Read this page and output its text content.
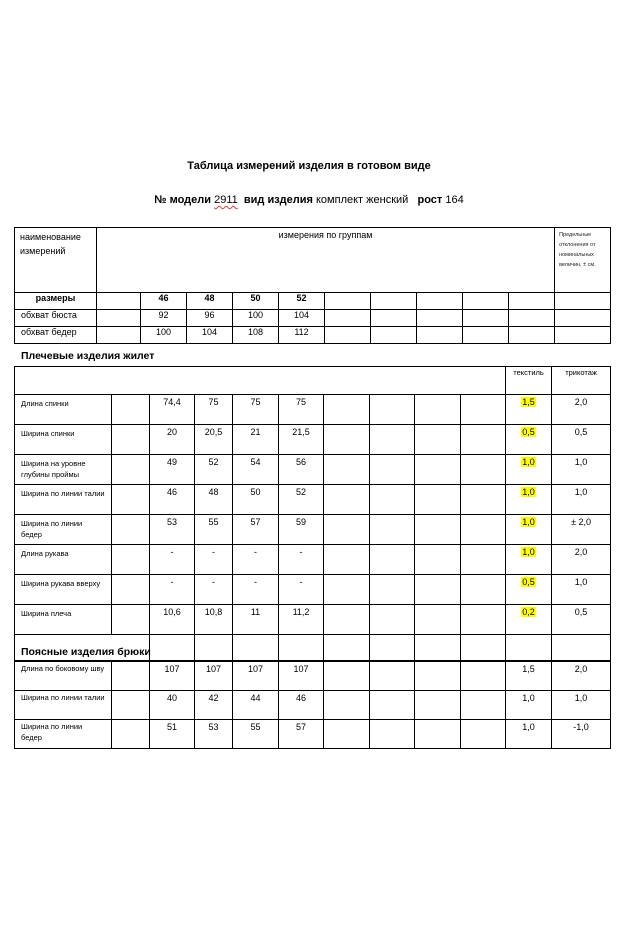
Таблица измерений изделия в готовом виде
№ модели 2911 вид изделия комплект женский рост 164
наименование измерений	измерения по группам										Предельные отклонения от номинальных величин, ± см.
размеры		46	48	50	52						
обхват бюста		92	96	100	104						
обхват бедер		100	104	108	112						
Плечевые изделия жилет
										текстиль	трикотаж
Длина спинки		74,4	75	75	75					1,5	2,0
Ширина спинки		20	20,5	21	21,5					0,5	0,5
Ширина на уровне глубины проймы		49	52	54	56					1,0	1,0
Ширина по линии талии		46	48	50	52					1,0	1,0
Ширина по линии бедер		53	55	57	59					1,0	± 2,0
Длина рукава		-	-	-	-					1,0	2,0
Ширина рукава вверху		-	-	-	-					0,5	1,0
Ширина плеча		10,6	10,8	11	11,2					0,2	0,5

Поясные изделия брюки
Длина по боковому шву		107	107	107	107					1,5	2,0
Ширина по линии талии		40	42	44	46					1,0	1,0
Ширина по линии бедер		51	53	55	57					1,0	-1,0
